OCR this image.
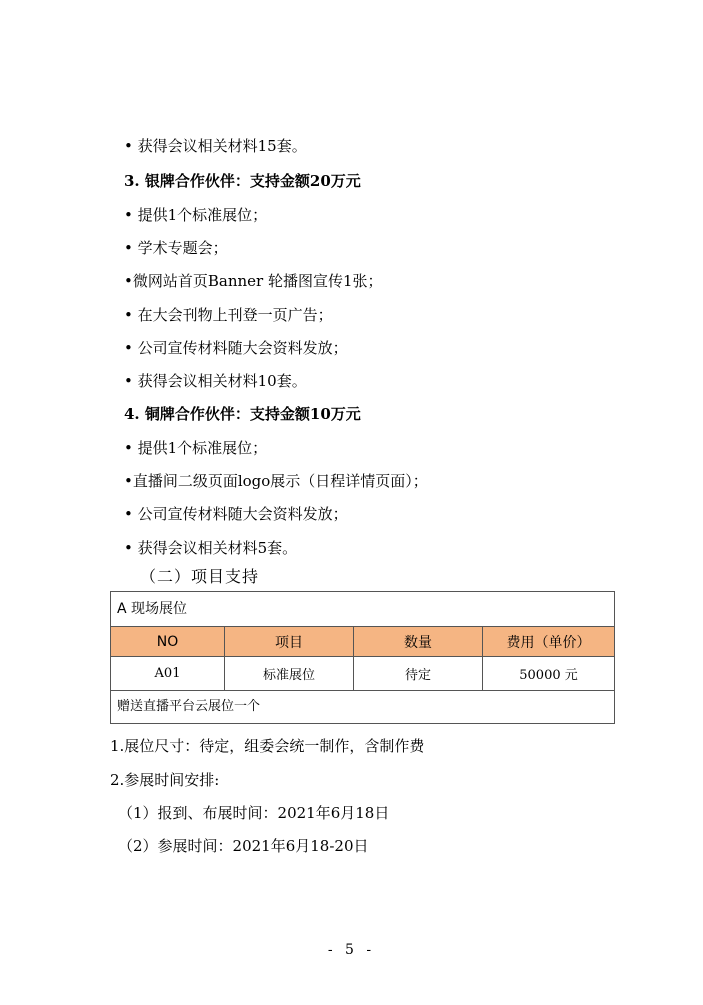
• 获得会议相关材料15套。
3. 银牌合作伙伴：支持金额20万元
• 提供1个标准展位；
• 学术专题会；
•微网站首页Banner 轮播图宣传1张；
• 在大会刊物上刊登一页广告；
• 公司宣传材料随大会资料发放；
• 获得会议相关材料10套。
4. 铜牌合作伙伴：支持金额10万元
• 提供1个标准展位；
•直播间二级页面logo展示（日程详情页面）；
• 公司宣传材料随大会资料发放；
• 获得会议相关材料5套。
（二）项目支持
A 现场展位
NO	项目	数量	费用（单价）
A01	标准展位	待定	50000 元
赠送直播平台云展位一个
1.展位尺寸：待定，组委会统一制作，含制作费
2.参展时间安排:
（1）报到、布展时间：2021年6月18日
（2）参展时间：2021年6月18-20日
- 5 -
